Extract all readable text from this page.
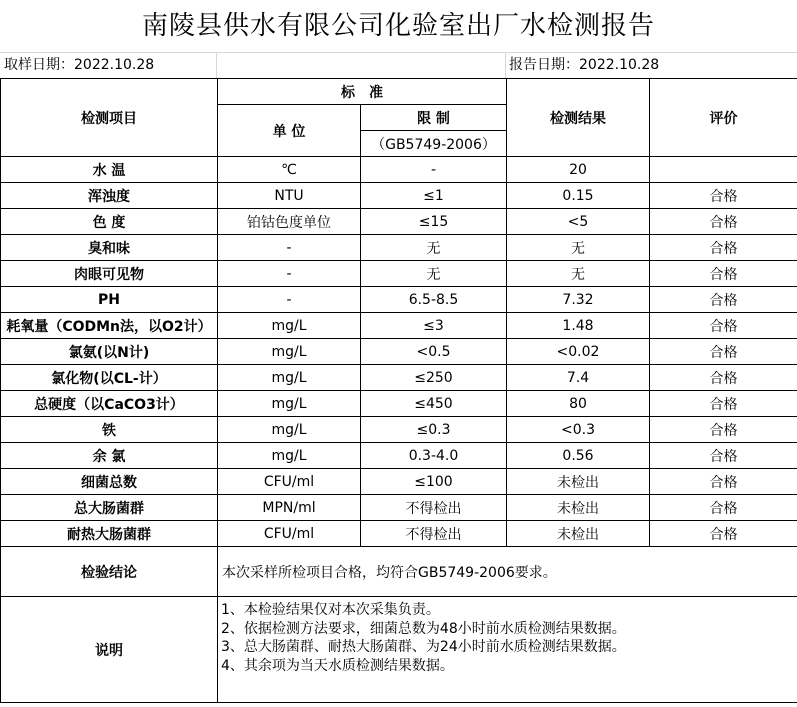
南陵县供水有限公司化验室出厂水检测报告
取样日期：2022.10.28	报告日期：2022.10.28
检测项目	标　准		检测结果	评价
	单 位	限 制		
		（GB5749-2006）		
水 温	℃	-	20	
浑浊度	NTU	≤1	0.15	合格
色 度	铂钴色度单位	≤15	<5	合格
臭和味	-	无	无	合格
肉眼可见物	-	无	无	合格
PH	-	6.5-8.5	7.32	合格
耗氧量（CODMn法，以O2计）	mg/L	≤3	1.48	合格
氯氨(以N计)	mg/L	<0.5	<0.02	合格
氯化物(以CL-计）	mg/L	≤250	7.4	合格
总硬度（以CaCO3计）	mg/L	≤450	80	合格
铁	mg/L	≤0.3	<0.3	合格
余 氯	mg/L	0.3-4.0	0.56	合格
细菌总数	CFU/ml	≤100	未检出	合格
总大肠菌群	MPN/ml	不得检出	未检出	合格
耐热大肠菌群	CFU/ml	不得检出	未检出	合格
检验结论	本次采样所检项目合格，均符合GB5749-2006要求。			
说明	1、本检验结果仅对本次采集负责。
2、依据检测方法要求，细菌总数为48小时前水质检测结果数据。
3、总大肠菌群、耐热大肠菌群、为24小时前水质检测结果数据。
4、其余项为当天水质检测结果数据。			
